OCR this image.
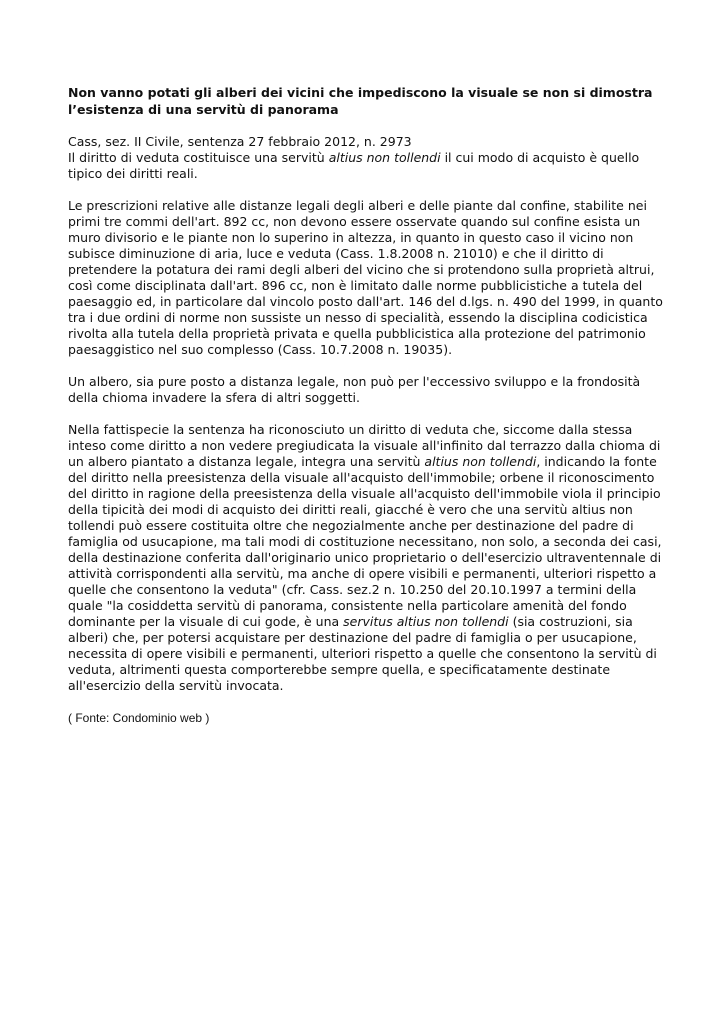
Non vanno potati gli alberi dei vicini che impediscono la visuale se non si dimostra
l’esistenza di una servitù di panorama
Cass, sez. II Civile, sentenza 27 febbraio 2012, n. 2973
Il diritto di veduta costituisce una servitù altius non tollendi il cui modo di acquisto è quello
tipico dei diritti reali.
Le prescrizioni relative alle distanze legali degli alberi e delle piante dal confine, stabilite nei
primi tre commi dell'art. 892 cc, non devono essere osservate quando sul confine esista un
muro divisorio e le piante non lo superino in altezza, in quanto in questo caso il vicino non
subisce diminuzione di aria, luce e veduta (Cass. 1.8.2008 n. 21010) e che il diritto di
pretendere la potatura dei rami degli alberi del vicino che si protendono sulla proprietà altrui,
così come disciplinata dall'art. 896 cc, non è limitato dalle norme pubblicistiche a tutela del
paesaggio ed, in particolare dal vincolo posto dall'art. 146 del d.lgs. n. 490 del 1999, in quanto
tra i due ordini di norme non sussiste un nesso di specialità, essendo la disciplina codicistica
rivolta alla tutela della proprietà privata e quella pubblicistica alla protezione del patrimonio
paesaggistico nel suo complesso (Cass. 10.7.2008 n. 19035).
Un albero, sia pure posto a distanza legale, non può per l'eccessivo sviluppo e la frondosità
della chioma invadere la sfera di altri soggetti.
Nella fattispecie la sentenza ha riconosciuto un diritto di veduta che, siccome dalla stessa
inteso come diritto a non vedere pregiudicata la visuale all'infinito dal terrazzo dalla chioma di
un albero piantato a distanza legale, integra una servitù altius non tollendi, indicando la fonte
del diritto nella preesistenza della visuale all'acquisto dell'immobile; orbene il riconoscimento
del diritto in ragione della preesistenza della visuale all'acquisto dell'immobile viola il principio
della tipicità dei modi di acquisto dei diritti reali, giacché è vero che una servitù altius non
tollendi può essere costituita oltre che negozialmente anche per destinazione del padre di
famiglia od usucapione, ma tali modi di costituzione necessitano, non solo, a seconda dei casi,
della destinazione conferita dall'originario unico proprietario o dell'esercizio ultraventennale di
attività corrispondenti alla servitù, ma anche di opere visibili e permanenti, ulteriori rispetto a
quelle che consentono la veduta" (cfr. Cass. sez.2 n. 10.250 del 20.10.1997 a termini della
quale "la cosiddetta servitù di panorama, consistente nella particolare amenità del fondo
dominante per la visuale di cui gode, è una servitus altius non tollendi (sia costruzioni, sia
alberi) che, per potersi acquistare per destinazione del padre di famiglia o per usucapione,
necessita di opere visibili e permanenti, ulteriori rispetto a quelle che consentono la servitù di
veduta, altrimenti questa comporterebbe sempre quella, e specificatamente destinate
all'esercizio della servitù invocata.
( Fonte: Condominio web )
